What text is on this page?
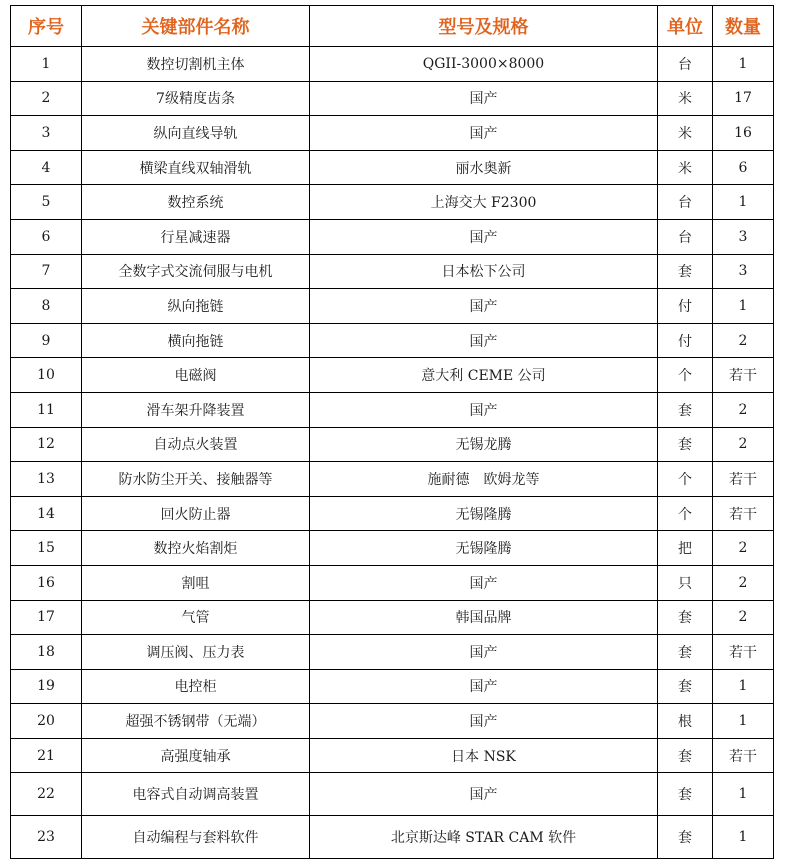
序号	关键部件名称	型号及规格	单位	数量
1	数控切割机主体	QGII-3000×8000	台	1
2	7级精度齿条	国产	米	17
3	纵向直线导轨	国产	米	16
4	横梁直线双轴滑轨	丽水奥新	米	6
5	数控系统	上海交大 F2300	台	1
6	行星减速器	国产	台	3
7	全数字式交流伺服与电机	日本松下公司	套	3
8	纵向拖链	国产	付	1
9	横向拖链	国产	付	2
10	电磁阀	意大利 CEME 公司	个	若干
11	滑车架升降装置	国产	套	2
12	自动点火装置	无锡龙腾	套	2
13	防水防尘开关、接触器等	施耐德　欧姆龙等	个	若干
14	回火防止器	无锡隆腾	个	若干
15	数控火焰割炬	无锡隆腾	把	2
16	割咀	国产	只	2
17	气管	韩国品牌	套	2
18	调压阀、压力表	国产	套	若干
19	电控柜	国产	套	1
20	超强不锈钢带（无端）	国产	根	1
21	高强度轴承	日本 NSK	套	若干
22	电容式自动调高装置	国产	套	1
23	自动编程与套料软件	北京斯达峰 STAR CAM 软件	套	1
